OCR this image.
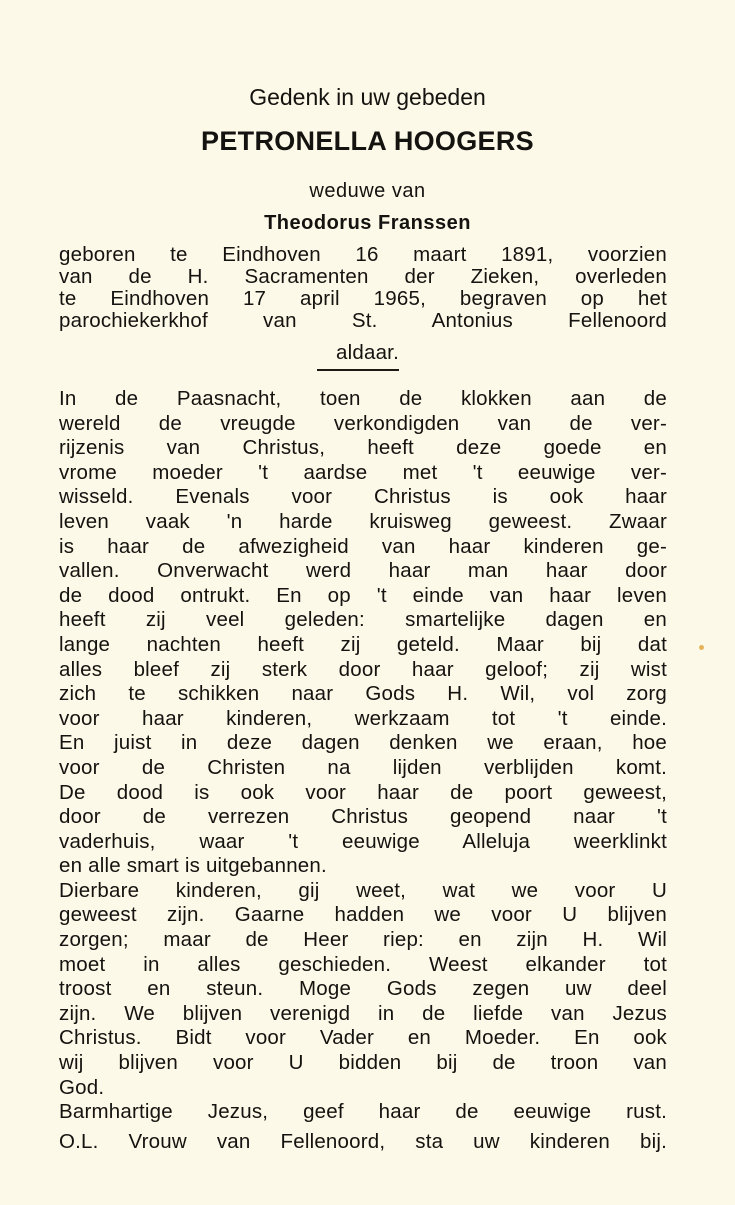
Gedenk in uw gebeden
PETRONELLA HOOGERS
weduwe van
Theodorus Franssen
geboren te Eindhoven 16 maart 1891, voorzien
van de H. Sacramenten der Zieken, overleden
te Eindhoven 17 april 1965, begraven op het
parochiekerkhof van St. Antonius Fellenoord
aldaar.
In de Paasnacht, toen de klokken aan de
wereld de vreugde verkondigden van de ver-
rijzenis van Christus, heeft deze goede en
vrome moeder 't aardse met 't eeuwige ver-
wisseld. Evenals voor Christus is ook haar
leven vaak 'n harde kruisweg geweest. Zwaar
is haar de afwezigheid van haar kinderen ge-
vallen. Onverwacht werd haar man haar door
de dood ontrukt. En op 't einde van haar leven
heeft zij veel geleden: smartelijke dagen en
lange nachten heeft zij geteld. Maar bij dat
alles bleef zij sterk door haar geloof; zij wist
zich te schikken naar Gods H. Wil, vol zorg
voor haar kinderen, werkzaam tot 't einde.
En juist in deze dagen denken we eraan, hoe
voor de Christen na lijden verblijden komt.
De dood is ook voor haar de poort geweest,
door de verrezen Christus geopend naar 't
vaderhuis, waar 't eeuwige Alleluja weerklinkt
en alle smart is uitgebannen.
Dierbare kinderen, gij weet, wat we voor U
geweest zijn. Gaarne hadden we voor U blijven
zorgen; maar de Heer riep: en zijn H. Wil
moet in alles geschieden. Weest elkander tot
troost en steun. Moge Gods zegen uw deel
zijn. We blijven verenigd in de liefde van Jezus
Christus. Bidt voor Vader en Moeder. En ook
wij blijven voor U bidden bij de troon van
God.
Barmhartige Jezus, geef haar de eeuwige rust.
O.L. Vrouw van Fellenoord, sta uw kinderen bij.
